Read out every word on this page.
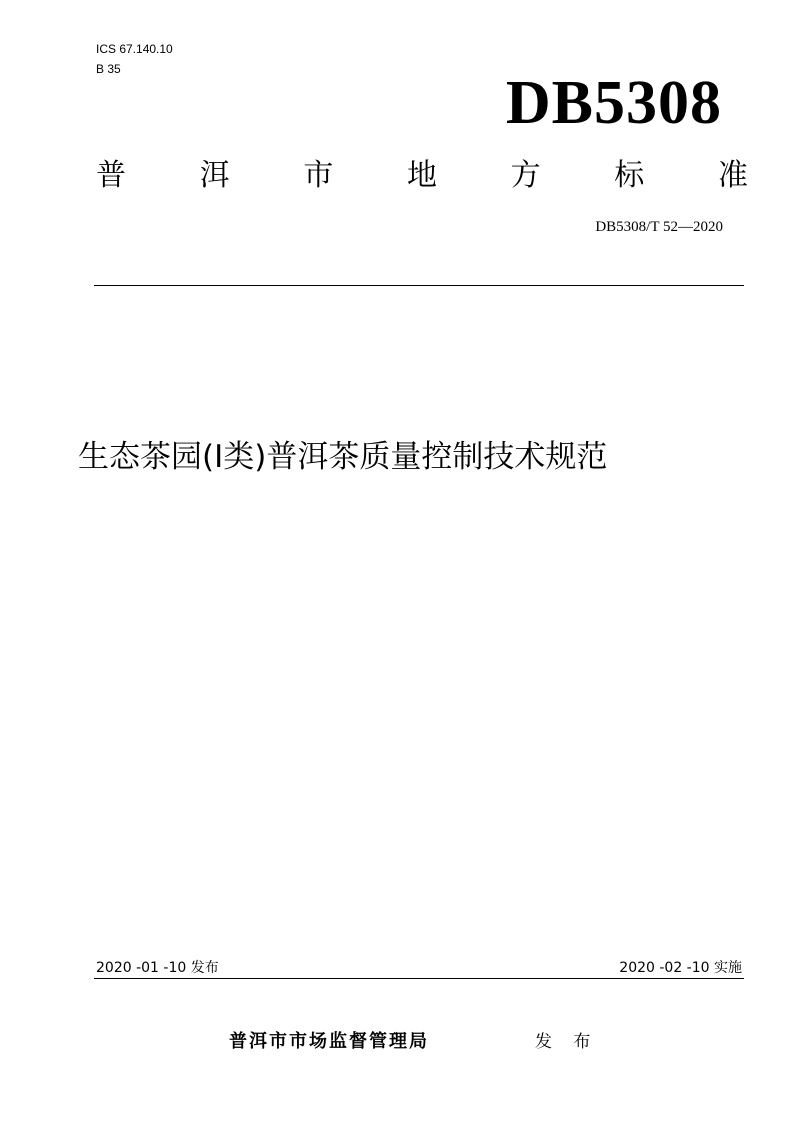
ICS 67.140.10
B 35	DB5308
普 洱 市 地 方 标 准
DB5308/T 52—2020
生态茶园(Ⅰ类)普洱茶质量控制技术规范
2020 -01 -10 发布	2020 -02 -10 实施
普洱市市场监督管理局	发 布
